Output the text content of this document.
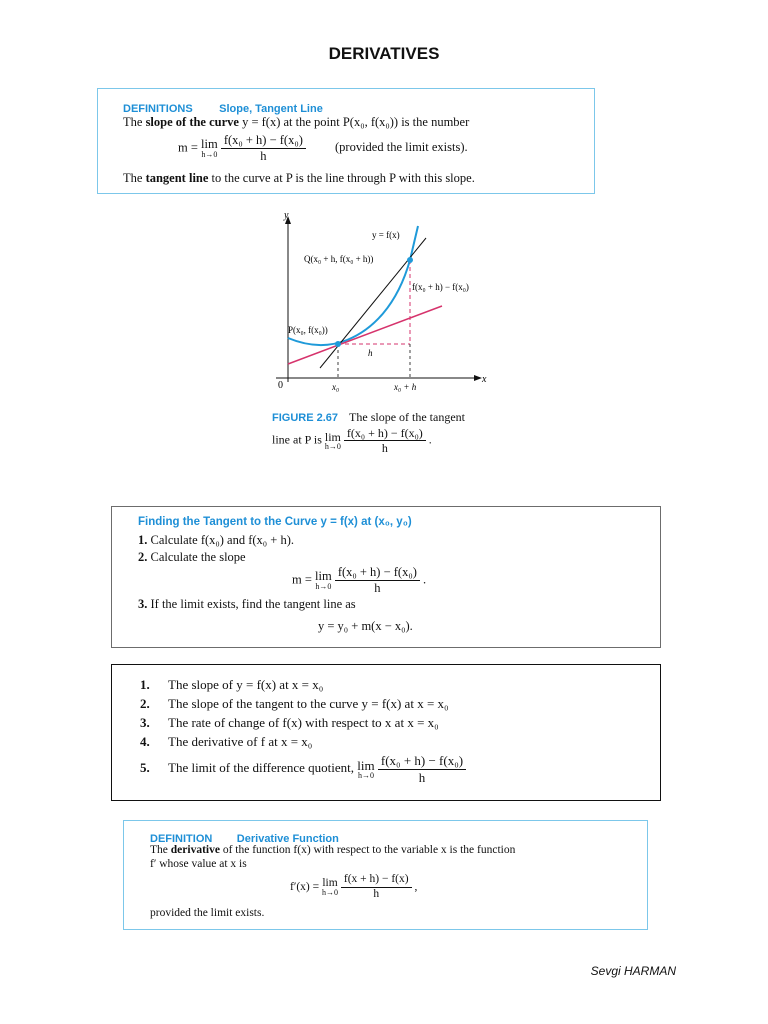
DERIVATIVES
DEFINITIONS Slope, Tangent Line
The slope of the curve y = f(x) at the point P(x₀, f(x₀)) is the number
m = lim
h→0
$\frac{\text{f(x₀ + h) − f(x₀)}}{h}$ (provided the limit exists).
The tangent line to the curve at P is the line through P with this slope.
y
x
0
y = f(x)
Q(x₀ + h, f(x₀ + h))
f(x₀ + h) − f(x₀)
P(x₀, f(x₀))
h
x₀	x₀ + h
FIGURE 2.67 The slope of the tangent
line at P is lim
h→0
$\frac{\text{f(x₀ + h) − f(x₀)}}{h}$ .
Finding the Tangent to the Curve y = f(x) at (x₀, y₀)
1. Calculate f(x₀) and f(x₀ + h).
2. Calculate the slope
m = lim
h→0
$\frac{\text{f(x₀ + h) − f(x₀)}}{h}$ .
3. If the limit exists, find the tangent line as
y = y₀ + m(x − x₀).
1. The slope of y = f(x) at x = x₀
2. The slope of the tangent to the curve y = f(x) at x = x₀
3. The rate of change of f(x) with respect to x at x = x₀
4. The derivative of f at x = x₀
5. The limit of the difference quotient, lim
h→0
$\frac{\text{f(x₀ + h) − f(x₀)}}{h}$
DEFINITION Derivative Function
The derivative of the function f(x) with respect to the variable x is the function
f′ whose value at x is
f′(x) = lim
h→0
$\frac{f(x + h) - f(x)}{h}$ ,
provided the limit exists.
Sevgi HARMAN
